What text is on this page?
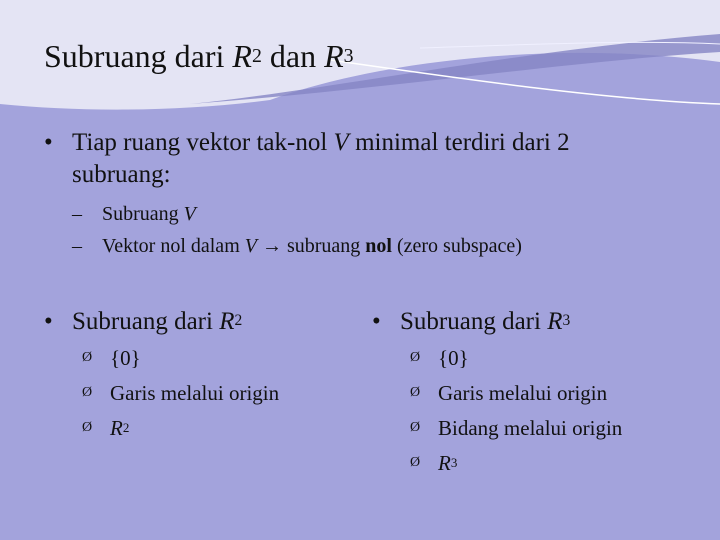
Subruang dari $R^2$ dan $R^3$
• Tiap ruang vektor tak-nol V minimal terdiri dari 2 subruang:
– Subruang V
– Vektor nol dalam V → subruang nol (zero subspace)
• Subruang dari $R^2$
Ø {0}
Ø Garis melalui origin
Ø $R^2$
• Subruang dari $R^3$
Ø {0}
Ø Garis melalui origin
Ø Bidang melalui origin
Ø $R^3$
